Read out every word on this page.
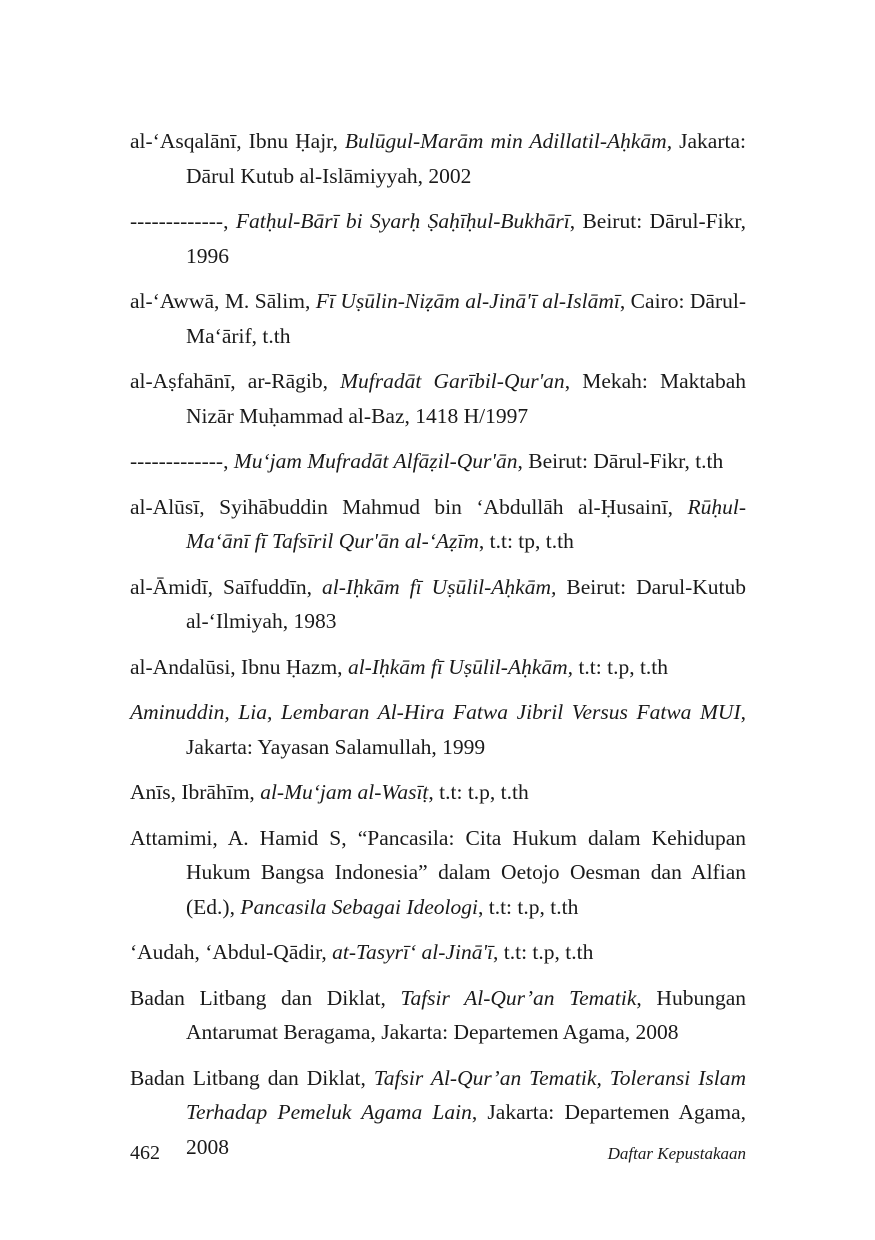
al-‘Asqalānī, Ibnu Ḥajr, Bulūgul-Marām min Adillatil-Aḥkām, Jakarta: Dārul Kutub al-Islāmiyyah, 2002
-------------, Fatḥul-Bārī bi Syarḥ Ṣaḥīḥul-Bukhārī, Beirut: Dārul-Fikr, 1996
al-‘Awwā, M. Sālim, Fī Uṣūlin-Niẓām al-Jinā'ī al-Islāmī, Cairo: Dārul-Ma‘ārif, t.th
al-Aṣfahānī, ar-Rāgib, Mufradāt Garībil-Qur'an, Mekah: Maktabah Nizār Muḥammad al-Baz, 1418 H/1997
-------------, Mu‘jam Mufradāt Alfāẓil-Qur'ān, Beirut: Dārul-Fikr, t.th
al-Alūsī, Syihābuddin Mahmud bin ‘Abdullāh al-Ḥusainī, Rūḥul-Ma‘ānī fī Tafsīril Qur'ān al-‘Aẓīm, t.t: tp, t.th
al-Āmidī, Saīfuddīn, al-Iḥkām fī Uṣūlil-Aḥkām, Beirut: Darul-Kutub al-‘Ilmiyah, 1983
al-Andalūsi, Ibnu Ḥazm, al-Iḥkām fī Uṣūlil-Aḥkām, t.t: t.p, t.th
Aminuddin, Lia, Lembaran Al-Hira Fatwa Jibril Versus Fatwa MUI, Jakarta: Yayasan Salamullah, 1999
Anīs, Ibrāhīm, al-Mu‘jam al-Wasīṭ, t.t: t.p, t.th
Attamimi, A. Hamid S, “Pancasila: Cita Hukum dalam Kehidupan Hukum Bangsa Indonesia” dalam Oetojo Oesman dan Alfian (Ed.), Pancasila Sebagai Ideologi, t.t: t.p, t.th
‘Audah, ‘Abdul-Qādir, at-Tasyrī‘ al-Jinā'ī, t.t: t.p, t.th
Badan Litbang dan Diklat, Tafsir Al-Qur’an Tematik, Hubungan Antarumat Beragama, Jakarta: Departemen Agama, 2008
Badan Litbang dan Diklat, Tafsir Al-Qur’an Tematik, Toleransi Islam Terhadap Pemeluk Agama Lain, Jakarta: Departemen Agama, 2008
462	Daftar Kepustakaan
